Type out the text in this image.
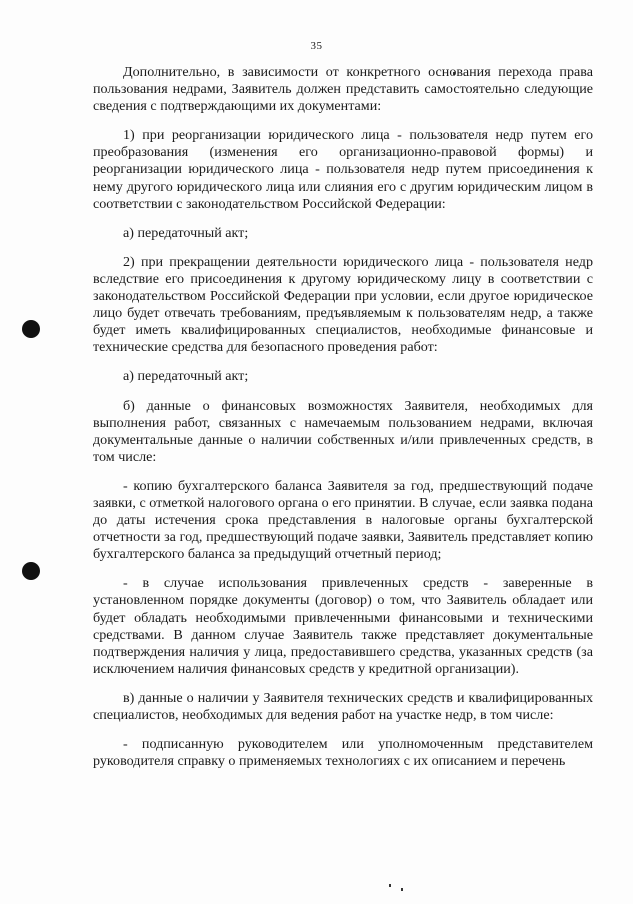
35

Дополнительно, в зависимости от конкретного основания перехода права пользования недрами, Заявитель должен представить самостоятельно следующие сведения с подтверждающими их документами:

1) при реорганизации юридического лица - пользователя недр путем его преобразования (изменения его организационно-правовой формы) и реорганизации юридического лица - пользователя недр путем присоединения к нему другого юридического лица или слияния его с другим юридическим лицом в соответствии с законодательством Российской Федерации:

а) передаточный акт;

2) при прекращении деятельности юридического лица - пользователя недр вследствие его присоединения к другому юридическому лицу в соответствии с законодательством Российской Федерации при условии, если другое юридическое лицо будет отвечать требованиям, предъявляемым к пользователям недр, а также будет иметь квалифицированных специалистов, необходимые финансовые и технические средства для безопасного проведения работ:

а) передаточный акт;

б) данные о финансовых возможностях Заявителя, необходимых для выполнения работ, связанных с намечаемым пользованием недрами, включая документальные данные о наличии собственных и/или привлеченных средств, в том числе:

- копию бухгалтерского баланса Заявителя за год, предшествующий подаче заявки, с отметкой налогового органа о его принятии. В случае, если заявка подана до даты истечения срока представления в налоговые органы бухгалтерской отчетности за год, предшествующий подаче заявки, Заявитель представляет копию бухгалтерского баланса за предыдущий отчетный период;

- в случае использования привлеченных средств - заверенные в установленном порядке документы (договор) о том, что Заявитель обладает или будет обладать необходимыми привлеченными финансовыми и техническими средствами. В данном случае Заявитель также представляет документальные подтверждения наличия у лица, предоставившего средства, указанных средств (за исключением наличия финансовых средств у кредитной организации).

в) данные о наличии у Заявителя технических средств и квалифицированных специалистов, необходимых для ведения работ на участке недр, в том числе:

- подписанную руководителем или уполномоченным представителем руководителя справку о применяемых технологиях с их описанием и перечень
